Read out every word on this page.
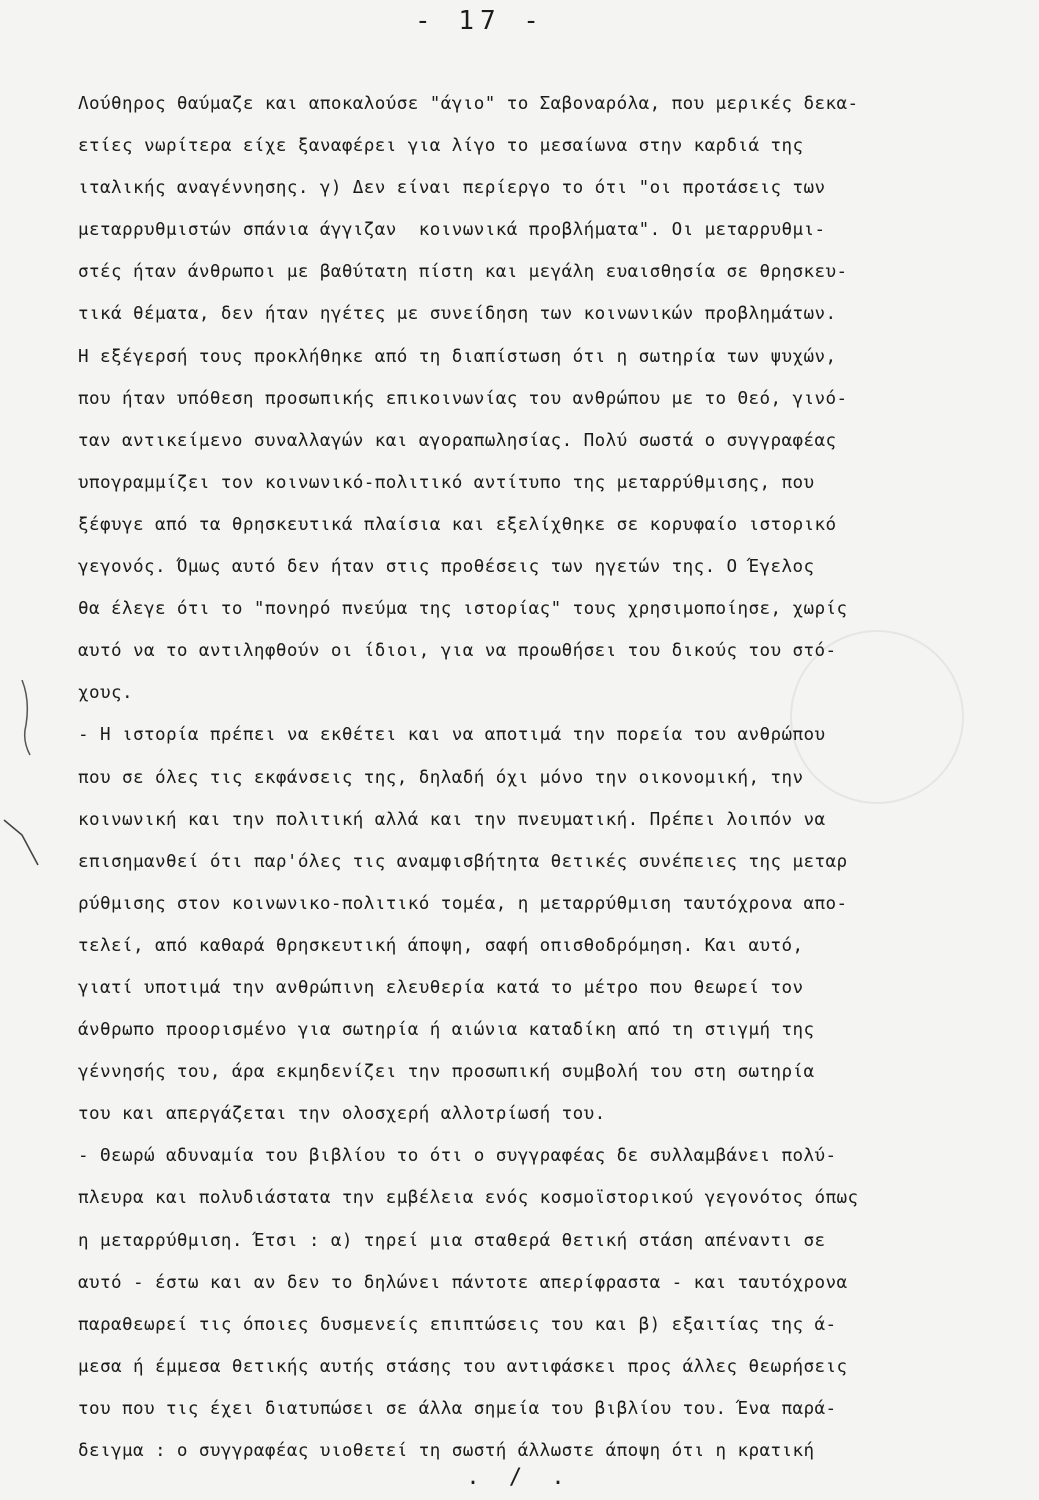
- 17 -
Λούθηρος θαύμαζε και αποκαλούσε "άγιο" το Σαβοναρόλα, που μερικές δεκα-
ετίες νωρίτερα είχε ξαναφέρει για λίγο το μεσαίωνα στην καρδιά της
ιταλικής αναγέννησης. γ) Δεν είναι περίεργο το ότι "οι προτάσεις των
μεταρρυθμιστών σπάνια άγγιζαν  κοινωνικά προβλήματα". Οι μεταρρυθμι-
στές ήταν άνθρωποι με βαθύτατη πίστη και μεγάλη ευαισθησία σε θρησκευ-
τικά θέματα, δεν ήταν ηγέτες με συνείδηση των κοινωνικών προβλημάτων.
Η εξέγερσή τους προκλήθηκε από τη διαπίστωση ότι η σωτηρία των ψυχών,
που ήταν υπόθεση προσωπικής επικοινωνίας του ανθρώπου με το Θεό, γινό-
ταν αντικείμενο συναλλαγών και αγοραπωλησίας. Πολύ σωστά ο συγγραφέας
υπογραμμίζει τον κοινωνικό-πολιτικό αντίτυπο της μεταρρύθμισης, που
ξέφυγε από τα θρησκευτικά πλαίσια και εξελίχθηκε σε κορυφαίο ιστορικό
γεγονός. Όμως αυτό δεν ήταν στις προθέσεις των ηγετών της. Ο Έγελος
θα έλεγε ότι το "πονηρό πνεύμα της ιστορίας" τους χρησιμοποίησε, χωρίς
αυτό να το αντιληφθούν οι ίδιοι, για να προωθήσει του δικούς του στό-
χους.
- Η ιστορία πρέπει να εκθέτει και να αποτιμά την πορεία του ανθρώπου
που σε όλες τις εκφάνσεις της, δηλαδή όχι μόνο την οικονομική, την
κοινωνική και την πολιτική αλλά και την πνευματική. Πρέπει λοιπόν να
επισημανθεί ότι παρ'όλες τις αναμφισβήτητα θετικές συνέπειες της μεταρ
ρύθμισης στον κοινωνικο-πολιτικό τομέα, η μεταρρύθμιση ταυτόχρονα απο-
τελεί, από καθαρά θρησκευτική άποψη, σαφή οπισθοδρόμηση. Και αυτό,
γιατί υποτιμά την ανθρώπινη ελευθερία κατά το μέτρο που θεωρεί τον
άνθρωπο προορισμένο για σωτηρία ή αιώνια καταδίκη από τη στιγμή της
γέννησής του, άρα εκμηδενίζει την προσωπική συμβολή του στη σωτηρία
του και απεργάζεται την ολοσχερή αλλοτρίωσή του.
- Θεωρώ αδυναμία του βιβλίου το ότι ο συγγραφέας δε συλλαμβάνει πολύ-
πλευρα και πολυδιάστατα την εμβέλεια ενός κοσμοϊστορικού γεγονότος όπως
η μεταρρύθμιση. Έτσι : α) τηρεί μια σταθερά θετική στάση απέναντι σε
αυτό - έστω και αν δεν το δηλώνει πάντοτε απερίφραστα - και ταυτόχρονα
παραθεωρεί τις όποιες δυσμενείς επιπτώσεις του και β) εξαιτίας της ά-
μεσα ή έμμεσα θετικής αυτής στάσης του αντιφάσκει προς άλλες θεωρήσεις
του που τις έχει διατυπώσει σε άλλα σημεία του βιβλίου του. Ένα παρά-
δειγμα : ο συγγραφέας υιοθετεί τη σωστή άλλωστε άποψη ότι η κρατική
. / .
